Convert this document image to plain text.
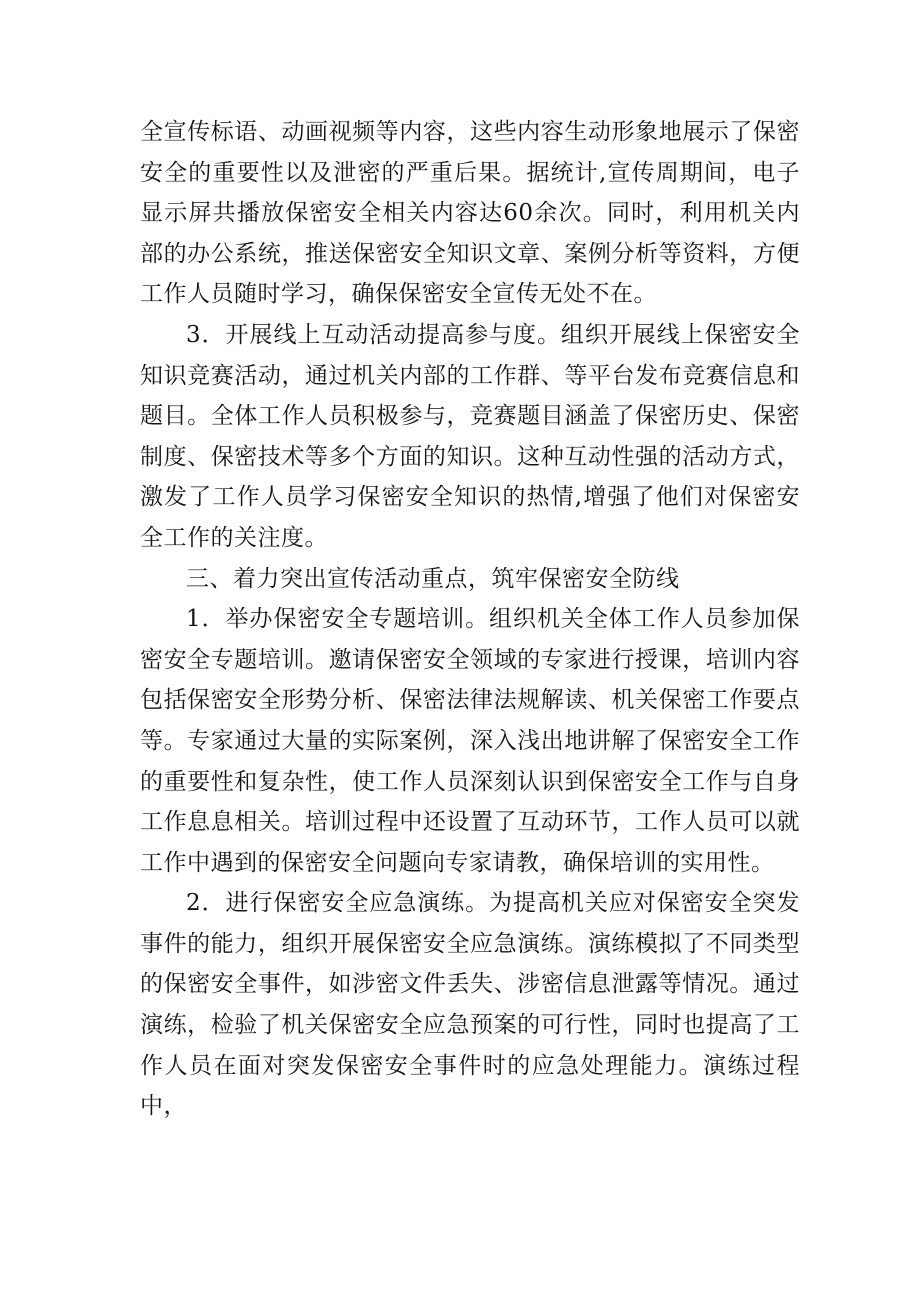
全宣传标语、动画视频等内容，这些内容生动形象地展示了保密安全的重要性以及泄密的严重后果。据统计,宣传周期间，电子显示屏共播放保密安全相关内容达60余次。同时，利用机关内部的办公系统，推送保密安全知识文章、案例分析等资料，方便工作人员随时学习，确保保密安全宣传无处不在。

3．开展线上互动活动提高参与度。组织开展线上保密安全知识竞赛活动，通过机关内部的工作群、等平台发布竞赛信息和题目。全体工作人员积极参与，竞赛题目涵盖了保密历史、保密制度、保密技术等多个方面的知识。这种互动性强的活动方式，激发了工作人员学习保密安全知识的热情,增强了他们对保密安全工作的关注度。

三、着力突出宣传活动重点，筑牢保密安全防线

1．举办保密安全专题培训。组织机关全体工作人员参加保密安全专题培训。邀请保密安全领域的专家进行授课，培训内容包括保密安全形势分析、保密法律法规解读、机关保密工作要点等。专家通过大量的实际案例，深入浅出地讲解了保密安全工作的重要性和复杂性，使工作人员深刻认识到保密安全工作与自身工作息息相关。培训过程中还设置了互动环节，工作人员可以就工作中遇到的保密安全问题向专家请教，确保培训的实用性。

2．进行保密安全应急演练。为提高机关应对保密安全突发事件的能力，组织开展保密安全应急演练。演练模拟了不同类型的保密安全事件，如涉密文件丢失、涉密信息泄露等情况。通过演练，检验了机关保密安全应急预案的可行性，同时也提高了工作人员在面对突发保密安全事件时的应急处理能力。演练过程中，
